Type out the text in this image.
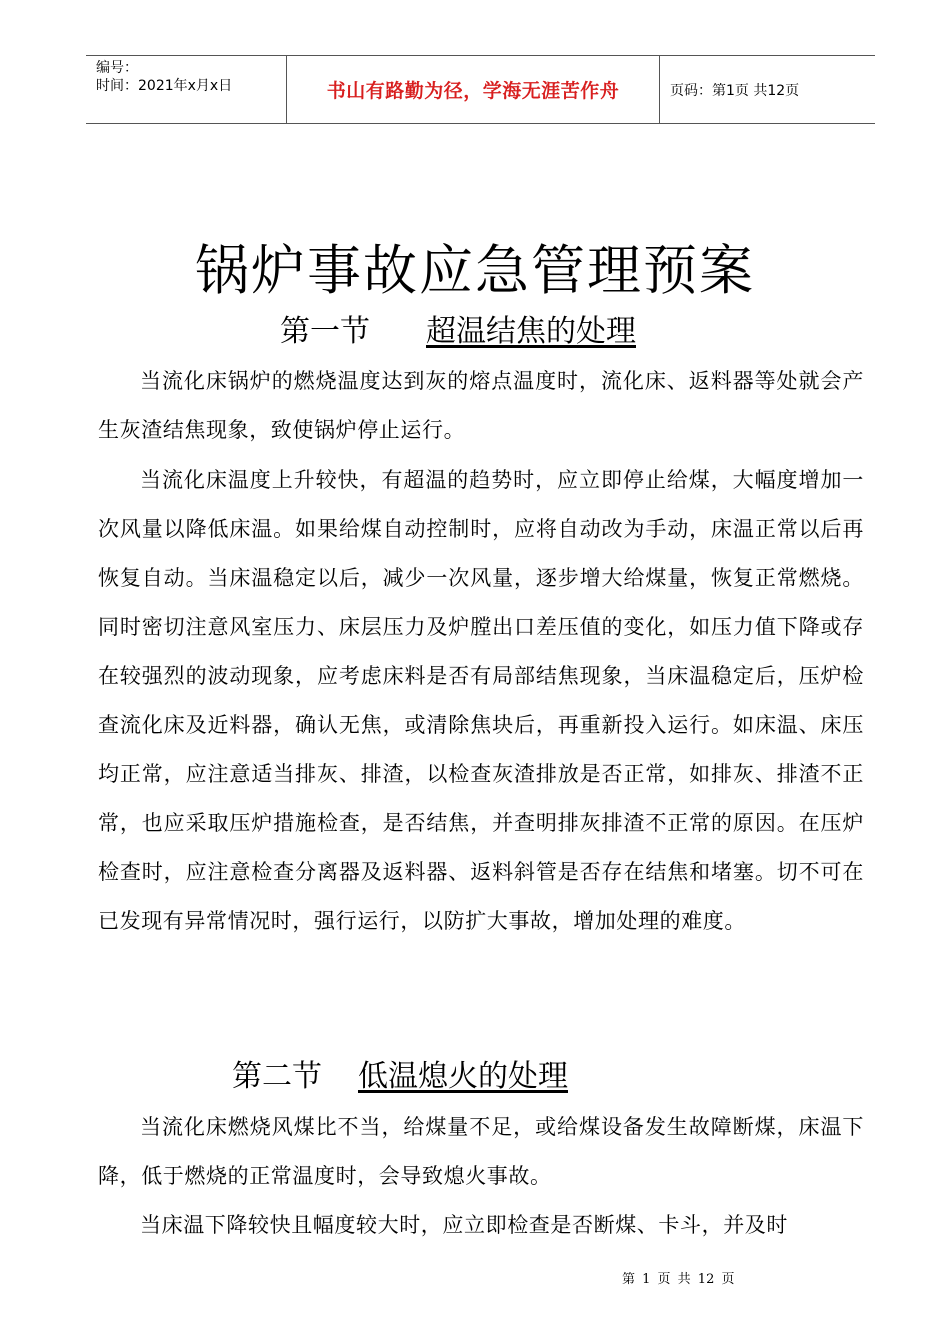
编号：
时间：2021年x月x日	书山有路勤为径，学海无涯苦作舟	页码：第1页 共12页
锅炉事故应急管理预案
第一节 超温结焦的处理
当流化床锅炉的燃烧温度达到灰的熔点温度时，流化床、返料器等处就会产生灰渣结焦现象，致使锅炉停止运行。
当流化床温度上升较快，有超温的趋势时，应立即停止给煤，大幅度增加一次风量以降低床温。如果给煤自动控制时，应将自动改为手动，床温正常以后再恢复自动。当床温稳定以后，减少一次风量，逐步增大给煤量，恢复正常燃烧。同时密切注意风室压力、床层压力及炉膛出口差压值的变化，如压力值下降或存在较强烈的波动现象，应考虑床料是否有局部结焦现象，当床温稳定后，压炉检查流化床及近料器，确认无焦，或清除焦块后，再重新投入运行。如床温、床压均正常，应注意适当排灰、排渣，以检查灰渣排放是否正常，如排灰、排渣不正常，也应采取压炉措施检查，是否结焦，并查明排灰排渣不正常的原因。在压炉检查时，应注意检查分离器及返料器、返料斜管是否存在结焦和堵塞。切不可在已发现有异常情况时，强行运行，以防扩大事故，增加处理的难度。
第二节 低温熄火的处理
当流化床燃烧风煤比不当，给煤量不足，或给煤设备发生故障断煤，床温下降，低于燃烧的正常温度时，会导致熄火事故。
当床温下降较快且幅度较大时，应立即检查是否断煤、卡斗，并及时
第 1 页 共 12 页
